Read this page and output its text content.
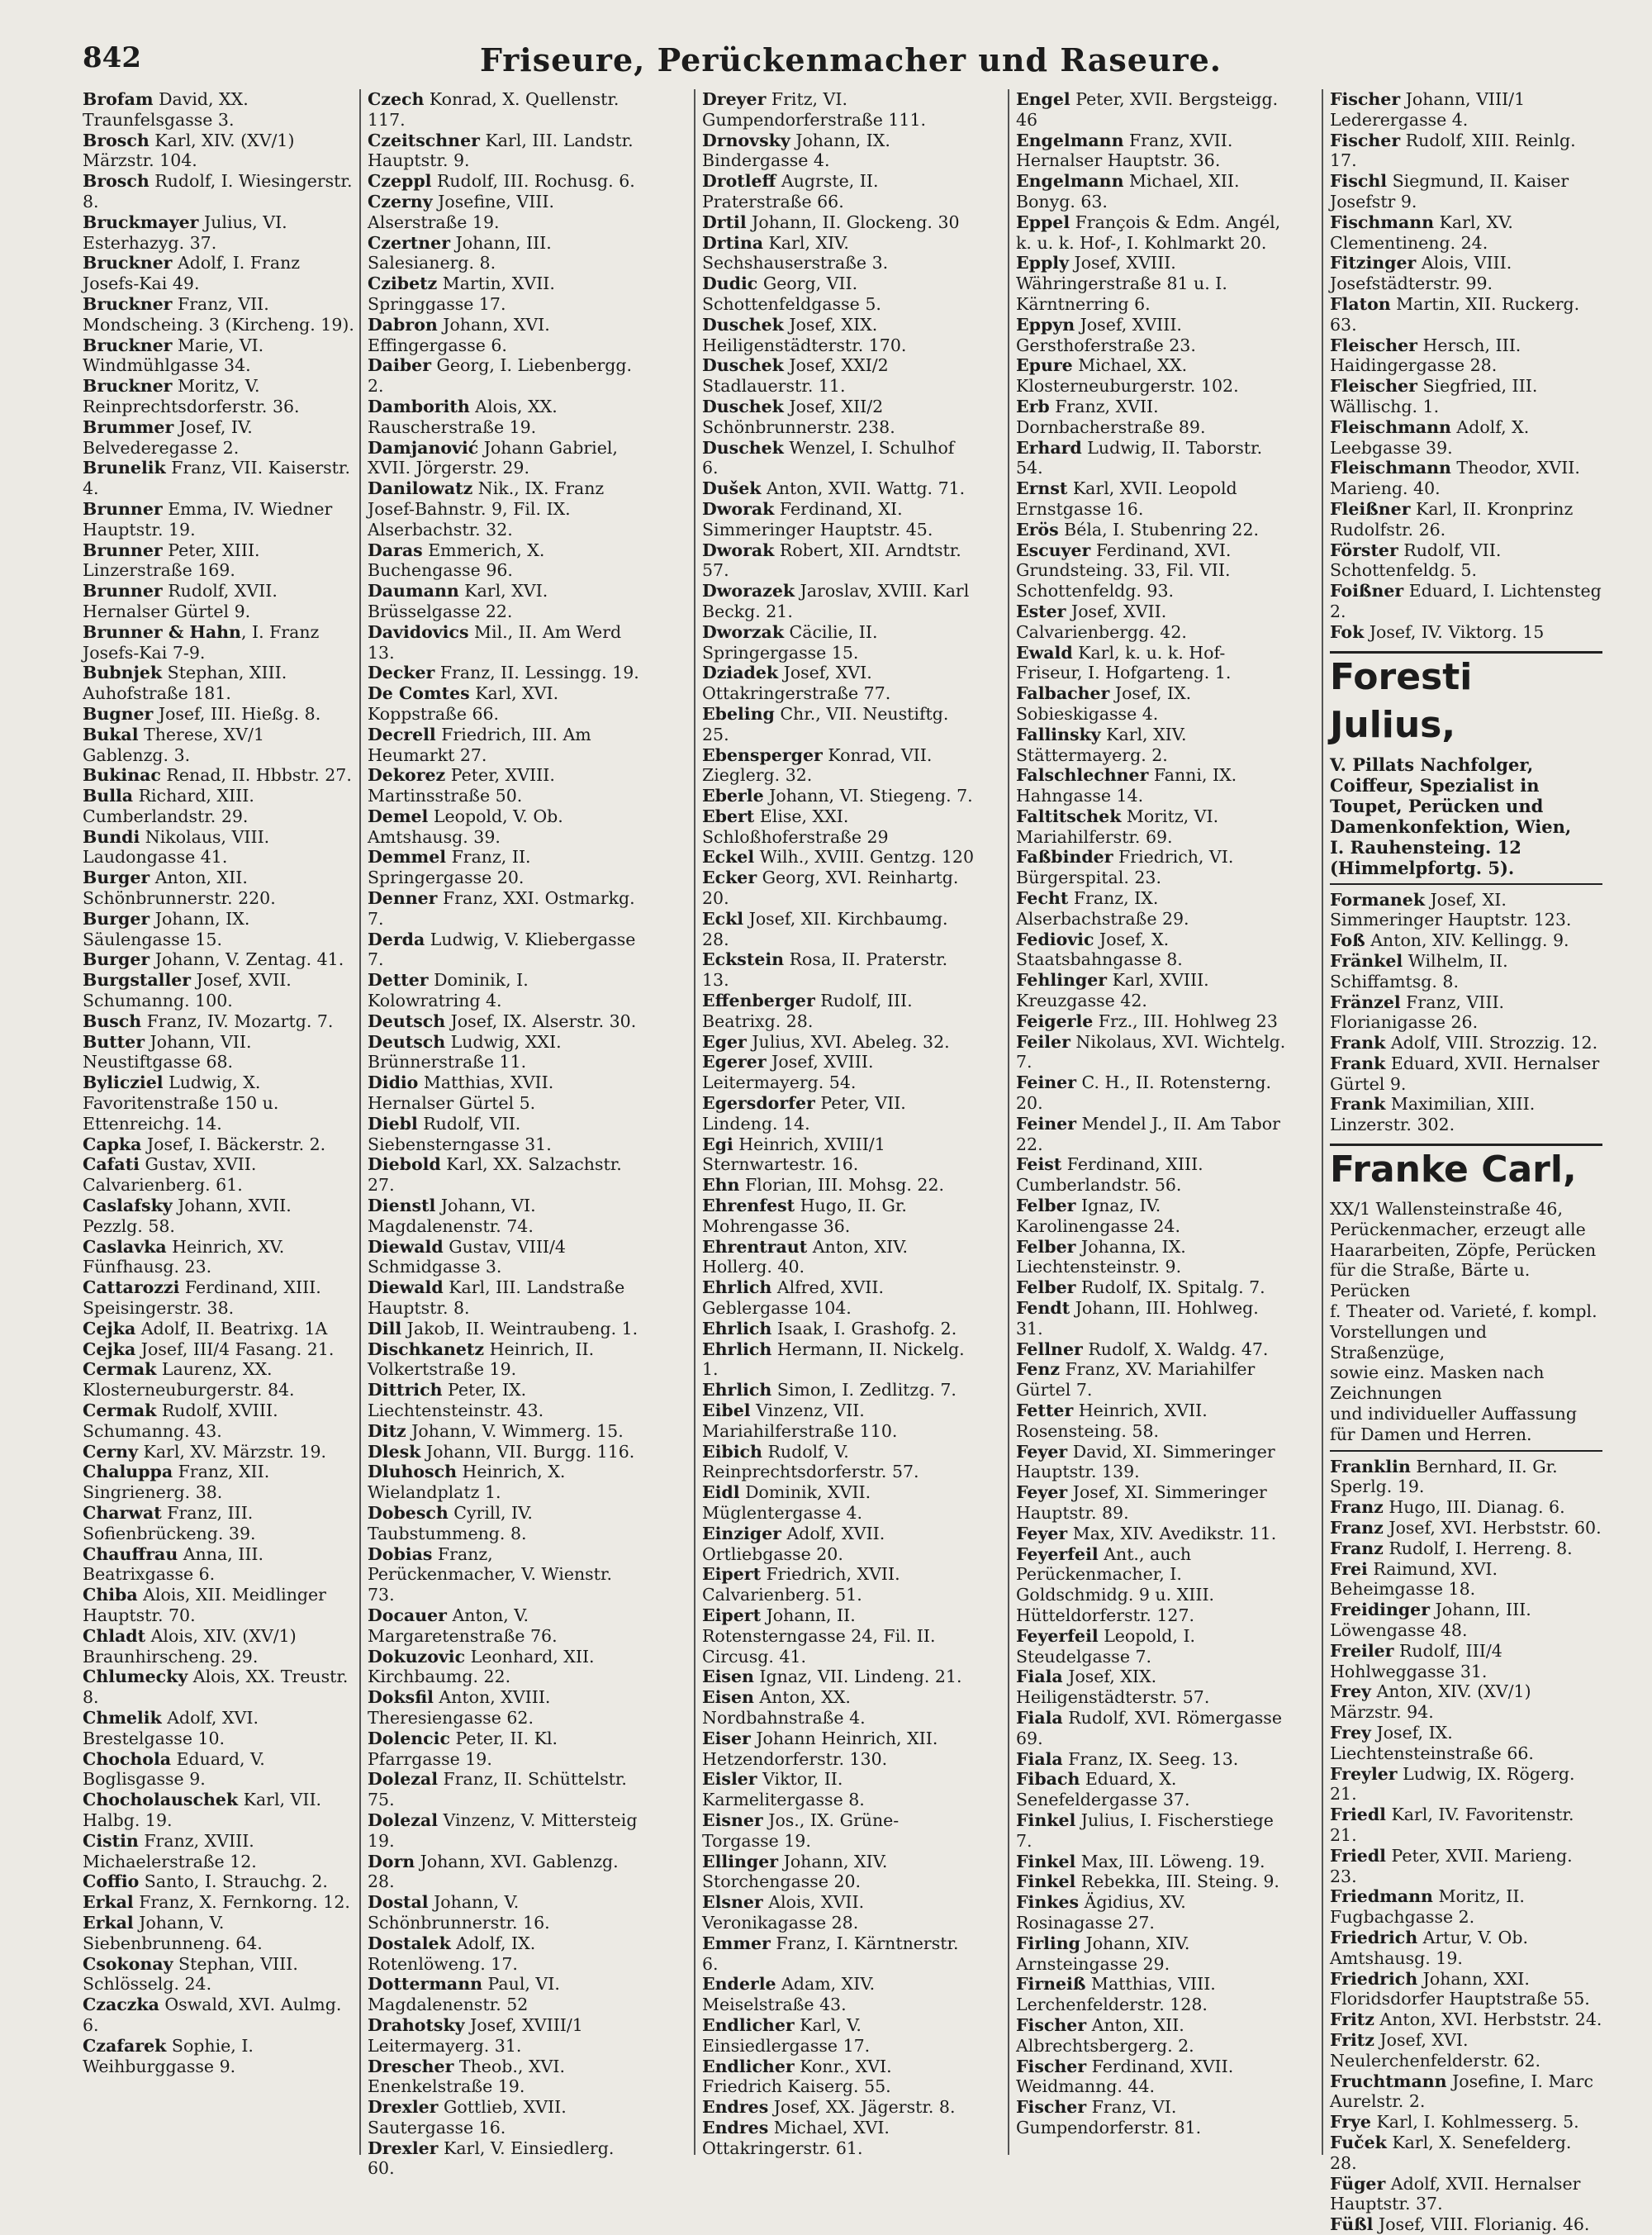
842	Friseure, Perückenmacher und Raseure.

Brofam David, XX. Traunfelsgasse 3.

Brosch Karl, XIV. (XV/1) Märzstr. 104.

Brosch Rudolf, I. Wiesingerstr. 8.

Bruckmayer Julius, VI. Esterhazyg. 37.

Bruckner Adolf, I. Franz Josefs-Kai 49.

Bruckner Franz, VII. Mondscheing. 3 (Kircheng. 19).

Bruckner Marie, VI. Windmühlgasse 34.

Bruckner Moritz, V. Reinprechtsdorferstr. 36.

Brummer Josef, IV. Belvederegasse 2.

Brunelik Franz, VII. Kaiserstr. 4.

Brunner Emma, IV. Wiedner Hauptstr. 19.

Brunner Peter, XIII. Linzerstraße 169.

Brunner Rudolf, XVII. Hernalser Gürtel 9.

Brunner & Hahn, I. Franz Josefs-Kai 7-9.

Bubnjek Stephan, XIII. Auhofstraße 181.

Bugner Josef, III. Hießg. 8.

Bukal Therese, XV/1 Gablenzg. 3.

Bukinac Renad, II. Hbbstr. 27.

Bulla Richard, XIII. Cumberlandstr. 29.

Bundi Nikolaus, VIII. Laudongasse 41.

Burger Anton, XII. Schönbrunnerstr. 220.

Burger Johann, IX. Säulengasse 15.

Burger Johann, V. Zentag. 41.

Burgstaller Josef, XVII. Schumanng. 100.

Busch Franz, IV. Mozartg. 7.

Butter Johann, VII. Neustiftgasse 68.

Bylicziel Ludwig, X. Favoritenstraße 150 u. Ettenreichg. 14.

Capka Josef, I. Bäckerstr. 2.

Cafati Gustav, XVII. Calvarienberg. 61.

Caslafsky Johann, XVII. Pezzlg. 58.

Caslavka Heinrich, XV. Fünfhausg. 23.

Cattarozzi Ferdinand, XIII. Speisingerstr. 38.

Cejka Adolf, II. Beatrixg. 1A

Cejka Josef, III/4 Fasang. 21.

Cermak Laurenz, XX. Klosterneuburgerstr. 84.

Cermak Rudolf, XVIII. Schumanng. 43.

Cerny Karl, XV. Märzstr. 19.

Chaluppa Franz, XII. Singrienerg. 38.

Charwat Franz, III. Sofienbrückeng. 39.

Chauffrau Anna, III. Beatrixgasse 6.

Chiba Alois, XII. Meidlinger Hauptstr. 70.

Chladt Alois, XIV. (XV/1) Braunhirscheng. 29.

Chlumecky Alois, XX. Treustr. 8.

Chmelik Adolf, XVI. Brestelgasse 10.

Chochola Eduard, V. Boglisgasse 9.

Chocholauschek Karl, VII. Halbg. 19.

Cistin Franz, XVIII. Michaelerstraße 12.

Coffio Santo, I. Strauchg. 2.

Erkal Franz, X. Fernkorng. 12.

Erkal Johann, V. Siebenbrunneng. 64.

Csokonay Stephan, VIII. Schlösselg. 24.

Czaczka Oswald, XVI. Aulmg. 6.

Czafarek Sophie, I. Weihburggasse 9.

Czech Konrad, X. Quellenstr. 117.

Czeitschner Karl, III. Landstr. Hauptstr. 9.

Czeppl Rudolf, III. Rochusg. 6.

Czerny Josefine, VIII. Alserstraße 19.

Czertner Johann, III. Salesianerg. 8.

Czibetz Martin, XVII. Springgasse 17.

Dabron Johann, XVI. Effingergasse 6.

Daiber Georg, I. Liebenbergg. 2.

Damborith Alois, XX. Rauscherstraße 19.

Damjanović Johann Gabriel, XVII. Jörgerstr. 29.

Danilowatz Nik., IX. Franz Josef-Bahnstr. 9, Fil. IX. Alserbachstr. 32.

Daras Emmerich, X. Buchengasse 96.

Daumann Karl, XVI. Brüsselgasse 22.

Davidovics Mil., II. Am Werd 13.

Decker Franz, II. Lessingg. 19.

De Comtes Karl, XVI. Koppstraße 66.

Decrell Friedrich, III. Am Heumarkt 27.

Dekorez Peter, XVIII. Martinsstraße 50.

Demel Leopold, V. Ob. Amtshausg. 39.

Demmel Franz, II. Springergasse 20.

Denner Franz, XXI. Ostmarkg. 7.

Derda Ludwig, V. Kliebergasse 7.

Detter Dominik, I. Kolowratring 4.

Deutsch Josef, IX. Alserstr. 30.

Deutsch Ludwig, XXI. Brünnerstraße 11.

Didio Matthias, XVII. Hernalser Gürtel 5.

Diebl Rudolf, VII. Siebensterngasse 31.

Diebold Karl, XX. Salzachstr. 27.

Dienstl Johann, VI. Magdalenenstr. 74.

Diewald Gustav, VIII/4 Schmidgasse 3.

Diewald Karl, III. Landstraße Hauptstr. 8.

Dill Jakob, II. Weintraubeng. 1.

Dischkanetz Heinrich, II. Volkertstraße 19.

Dittrich Peter, IX. Liechtensteinstr. 43.

Ditz Johann, V. Wimmerg. 15.

Dlesk Johann, VII. Burgg. 116.

Dluhosch Heinrich, X. Wielandplatz 1.

Dobesch Cyrill, IV. Taubstummeng. 8.

Dobias Franz, Perückenmacher, V. Wienstr. 73.

Docauer Anton, V. Margaretenstraße 76.

Dokuzovic Leonhard, XII. Kirchbaumg. 22.

Doksfil Anton, XVIII. Theresiengasse 62.

Dolencic Peter, II. Kl. Pfarrgasse 19.

Dolezal Franz, II. Schüttelstr. 75.

Dolezal Vinzenz, V. Mittersteig 19.

Dorn Johann, XVI. Gablenzg. 28.

Dostal Johann, V. Schönbrunnerstr. 16.

Dostalek Adolf, IX. Rotenlöweng. 17.

Dottermann Paul, VI. Magdalenenstr. 52

Drahotsky Josef, XVIII/1 Leitermayerg. 31.

Drescher Theob., XVI. Enenkelstraße 19.

Drexler Gottlieb, XVII. Sautergasse 16.

Drexler Karl, V. Einsiedlerg. 60.

Dreyer Fritz, VI. Gumpendorferstraße 111.

Drnovsky Johann, IX. Bindergasse 4.

Drotleff Augrste, II. Praterstraße 66.

Drtil Johann, II. Glockeng. 30

Drtina Karl, XIV. Sechshauserstraße 3.

Dudic Georg, VII. Schottenfeldgasse 5.

Duschek Josef, XIX. Heiligenstädterstr. 170.

Duschek Josef, XXI/2 Stadlauerstr. 11.

Duschek Josef, XII/2 Schönbrunnerstr. 238.

Duschek Wenzel, I. Schulhof 6.

Dušek Anton, XVII. Wattg. 71.

Dworak Ferdinand, XI. Simmeringer Hauptstr. 45.

Dworak Robert, XII. Arndtstr. 57.

Dworazek Jaroslav, XVIII. Karl Beckg. 21.

Dworzak Cäcilie, II. Springergasse 15.

Dziadek Josef, XVI. Ottakringerstraße 77.

Ebeling Chr., VII. Neustiftg. 25.

Ebensperger Konrad, VII. Zieglerg. 32.

Eberle Johann, VI. Stiegeng. 7.

Ebert Elise, XXI. Schloßhoferstraße 29

Eckel Wilh., XVIII. Gentzg. 120

Ecker Georg, XVI. Reinhartg. 20.

Eckl Josef, XII. Kirchbaumg. 28.

Eckstein Rosa, II. Praterstr. 13.

Effenberger Rudolf, III. Beatrixg. 28.

Eger Julius, XVI. Abeleg. 32.

Egerer Josef, XVIII. Leitermayerg. 54.

Egersdorfer Peter, VII. Lindeng. 14.

Egi Heinrich, XVIII/1 Sternwartestr. 16.

Ehn Florian, III. Mohsg. 22.

Ehrenfest Hugo, II. Gr. Mohrengasse 36.

Ehrentraut Anton, XIV. Hollerg. 40.

Ehrlich Alfred, XVII. Geblergasse 104.

Ehrlich Isaak, I. Grashofg. 2.

Ehrlich Hermann, II. Nickelg. 1.

Ehrlich Simon, I. Zedlitzg. 7.

Eibel Vinzenz, VII. Mariahilferstraße 110.

Eibich Rudolf, V. Reinprechtsdorferstr. 57.

Eidl Dominik, XVII. Müglentergasse 4.

Einziger Adolf, XVII. Ortliebgasse 20.

Eipert Friedrich, XVII. Calvarienberg. 51.

Eipert Johann, II. Rotensterngasse 24, Fil. II. Circusg. 41.

Eisen Ignaz, VII. Lindeng. 21.

Eisen Anton, XX. Nordbahnstraße 4.

Eiser Johann Heinrich, XII. Hetzendorferstr. 130.

Eisler Viktor, II. Karmelitergasse 8.

Eisner Jos., IX. Grüne-Torgasse 19.

Ellinger Johann, XIV. Storchengasse 20.

Elsner Alois, XVII. Veronikagasse 28.

Emmer Franz, I. Kärntnerstr. 6.

Enderle Adam, XIV. Meiselstraße 43.

Endlicher Karl, V. Einsiedlergasse 17.

Endlicher Konr., XVI. Friedrich Kaiserg. 55.

Endres Josef, XX. Jägerstr. 8.

Endres Michael, XVI. Ottakringerstr. 61.

Engel Peter, XVII. Bergsteigg. 46

Engelmann Franz, XVII. Hernalser Hauptstr. 36.

Engelmann Michael, XII. Bonyg. 63.

Eppel François & Edm. Angél, k. u. k. Hof-, I. Kohlmarkt 20.

Epply Josef, XVIII. Währingerstraße 81 u. I. Kärntnerring 6.

Eppyn Josef, XVIII. Gersthoferstraße 23.

Epure Michael, XX. Klosterneuburgerstr. 102.

Erb Franz, XVII. Dornbacherstraße 89.

Erhard Ludwig, II. Taborstr. 54.

Ernst Karl, XVII. Leopold Ernstgasse 16.

Erös Béla, I. Stubenring 22.

Escuyer Ferdinand, XVI. Grundsteing. 33, Fil. VII. Schottenfeldg. 93.

Ester Josef, XVII. Calvarienbergg. 42.

Ewald Karl, k. u. k. Hof-Friseur, I. Hofgarteng. 1.

Falbacher Josef, IX. Sobieskigasse 4.

Fallinsky Karl, XIV. Stättermayerg. 2.

Falschlechner Fanni, IX. Hahngasse 14.

Faltitschek Moritz, VI. Mariahilferstr. 69.

Faßbinder Friedrich, VI. Bürgerspital. 23.

Fecht Franz, IX. Alserbachstraße 29.

Fediovic Josef, X. Staatsbahngasse 8.

Fehlinger Karl, XVIII. Kreuzgasse 42.

Feigerle Frz., III. Hohlweg 23

Feiler Nikolaus, XVI. Wichtelg. 7.

Feiner C. H., II. Rotensterng. 20.

Feiner Mendel J., II. Am Tabor 22.

Feist Ferdinand, XIII. Cumberlandstr. 56.

Felber Ignaz, IV. Karolinengasse 24.

Felber Johanna, IX. Liechtensteinstr. 9.

Felber Rudolf, IX. Spitalg. 7.

Fendt Johann, III. Hohlweg. 31.

Fellner Rudolf, X. Waldg. 47.

Fenz Franz, XV. Mariahilfer Gürtel 7.

Fetter Heinrich, XVII. Rosensteing. 58.

Feyer David, XI. Simmeringer Hauptstr. 139.

Feyer Josef, XI. Simmeringer Hauptstr. 89.

Feyer Max, XIV. Avedikstr. 11.

Feyerfeil Ant., auch Perückenmacher, I. Goldschmidg. 9 u. XIII. Hütteldorferstr. 127.

Feyerfeil Leopold, I. Steudelgasse 7.

Fiala Josef, XIX. Heiligenstädterstr. 57.

Fiala Rudolf, XVI. Römergasse 69.

Fiala Franz, IX. Seeg. 13.

Fibach Eduard, X. Senefeldergasse 37.

Finkel Julius, I. Fischerstiege 7.

Finkel Max, III. Löweng. 19.

Finkel Rebekka, III. Steing. 9.

Finkes Ägidius, XV. Rosinagasse 27.

Firling Johann, XIV. Arnsteingasse 29.

Firneiß Matthias, VIII. Lerchenfelderstr. 128.

Fischer Anton, XII. Albrechtsbergerg. 2.

Fischer Ferdinand, XVII. Weidmanng. 44.

Fischer Franz, VI. Gumpendorferstr. 81.

Fischer Johann, VIII/1 Lederergasse 4.

Fischer Rudolf, XIII. Reinlg. 17.

Fischl Siegmund, II. Kaiser Josefstr 9.

Fischmann Karl, XV. Clementineng. 24.

Fitzinger Alois, VIII. Josefstädterstr. 99.

Flaton Martin, XII. Ruckerg. 63.

Fleischer Hersch, III. Haidingergasse 28.

Fleischer Siegfried, III. Wällischg. 1.

Fleischmann Adolf, X. Leebgasse 39.

Fleischmann Theodor, XVII. Marieng. 40.

Fleißner Karl, II. Kronprinz Rudolfstr. 26.

Förster Rudolf, VII. Schottenfeldg. 5.

Foißner Eduard, I. Lichtensteg 2.

Fok Josef, IV. Viktorg. 15

Foresti Julius,
V. Pillats Nachfolger,
Coiffeur, Spezialist in
Toupet, Perücken und
Damenkonfektion, Wien,
I. Rauhensteing. 12
(Himmelpfortg. 5).

Formanek Josef, XI. Simmeringer Hauptstr. 123.

Foß Anton, XIV. Kellingg. 9.

Fränkel Wilhelm, II. Schiffamtsg. 8.

Fränzel Franz, VIII. Florianigasse 26.

Frank Adolf, VIII. Strozzig. 12.

Frank Eduard, XVII. Hernalser Gürtel 9.

Frank Maximilian, XIII. Linzerstr. 302.

Franke Carl,
XX/1 Wallensteinstraße 46,
Perückenmacher, erzeugt alle
Haararbeiten, Zöpfe, Perücken
für die Straße, Bärte u. Perücken
f. Theater od. Varieté, f. kompl.
Vorstellungen und Straßenzüge,
sowie einz. Masken nach Zeichnungen
und individueller Auffassung
für Damen und Herren.

Franklin Bernhard, II. Gr. Sperlg. 19.

Franz Hugo, III. Dianag. 6.

Franz Josef, XVI. Herbststr. 60.

Franz Rudolf, I. Herreng. 8.

Frei Raimund, XVI. Beheimgasse 18.

Freidinger Johann, III. Löwengasse 48.

Freiler Rudolf, III/4 Hohlweggasse 31.

Frey Anton, XIV. (XV/1) Märzstr. 94.

Frey Josef, IX. Liechtensteinstraße 66.

Freyler Ludwig, IX. Rögerg. 21.

Friedl Karl, IV. Favoritenstr. 21.

Friedl Peter, XVII. Marieng. 23.

Friedmann Moritz, II. Fugbachgasse 2.

Friedrich Artur, V. Ob. Amtshausg. 19.

Friedrich Johann, XXI. Floridsdorfer Hauptstraße 55.

Fritz Anton, XVI. Herbststr. 24.

Fritz Josef, XVI. Neulerchenfelderstr. 62.

Fruchtmann Josefine, I. Marc Aurelstr. 2.

Frye Karl, I. Kohlmesserg. 5.

Fuček Karl, X. Senefelderg. 28.

Füger Adolf, XVII. Hernalser Hauptstr. 37.

Füßl Josef, VIII. Florianig. 46.
